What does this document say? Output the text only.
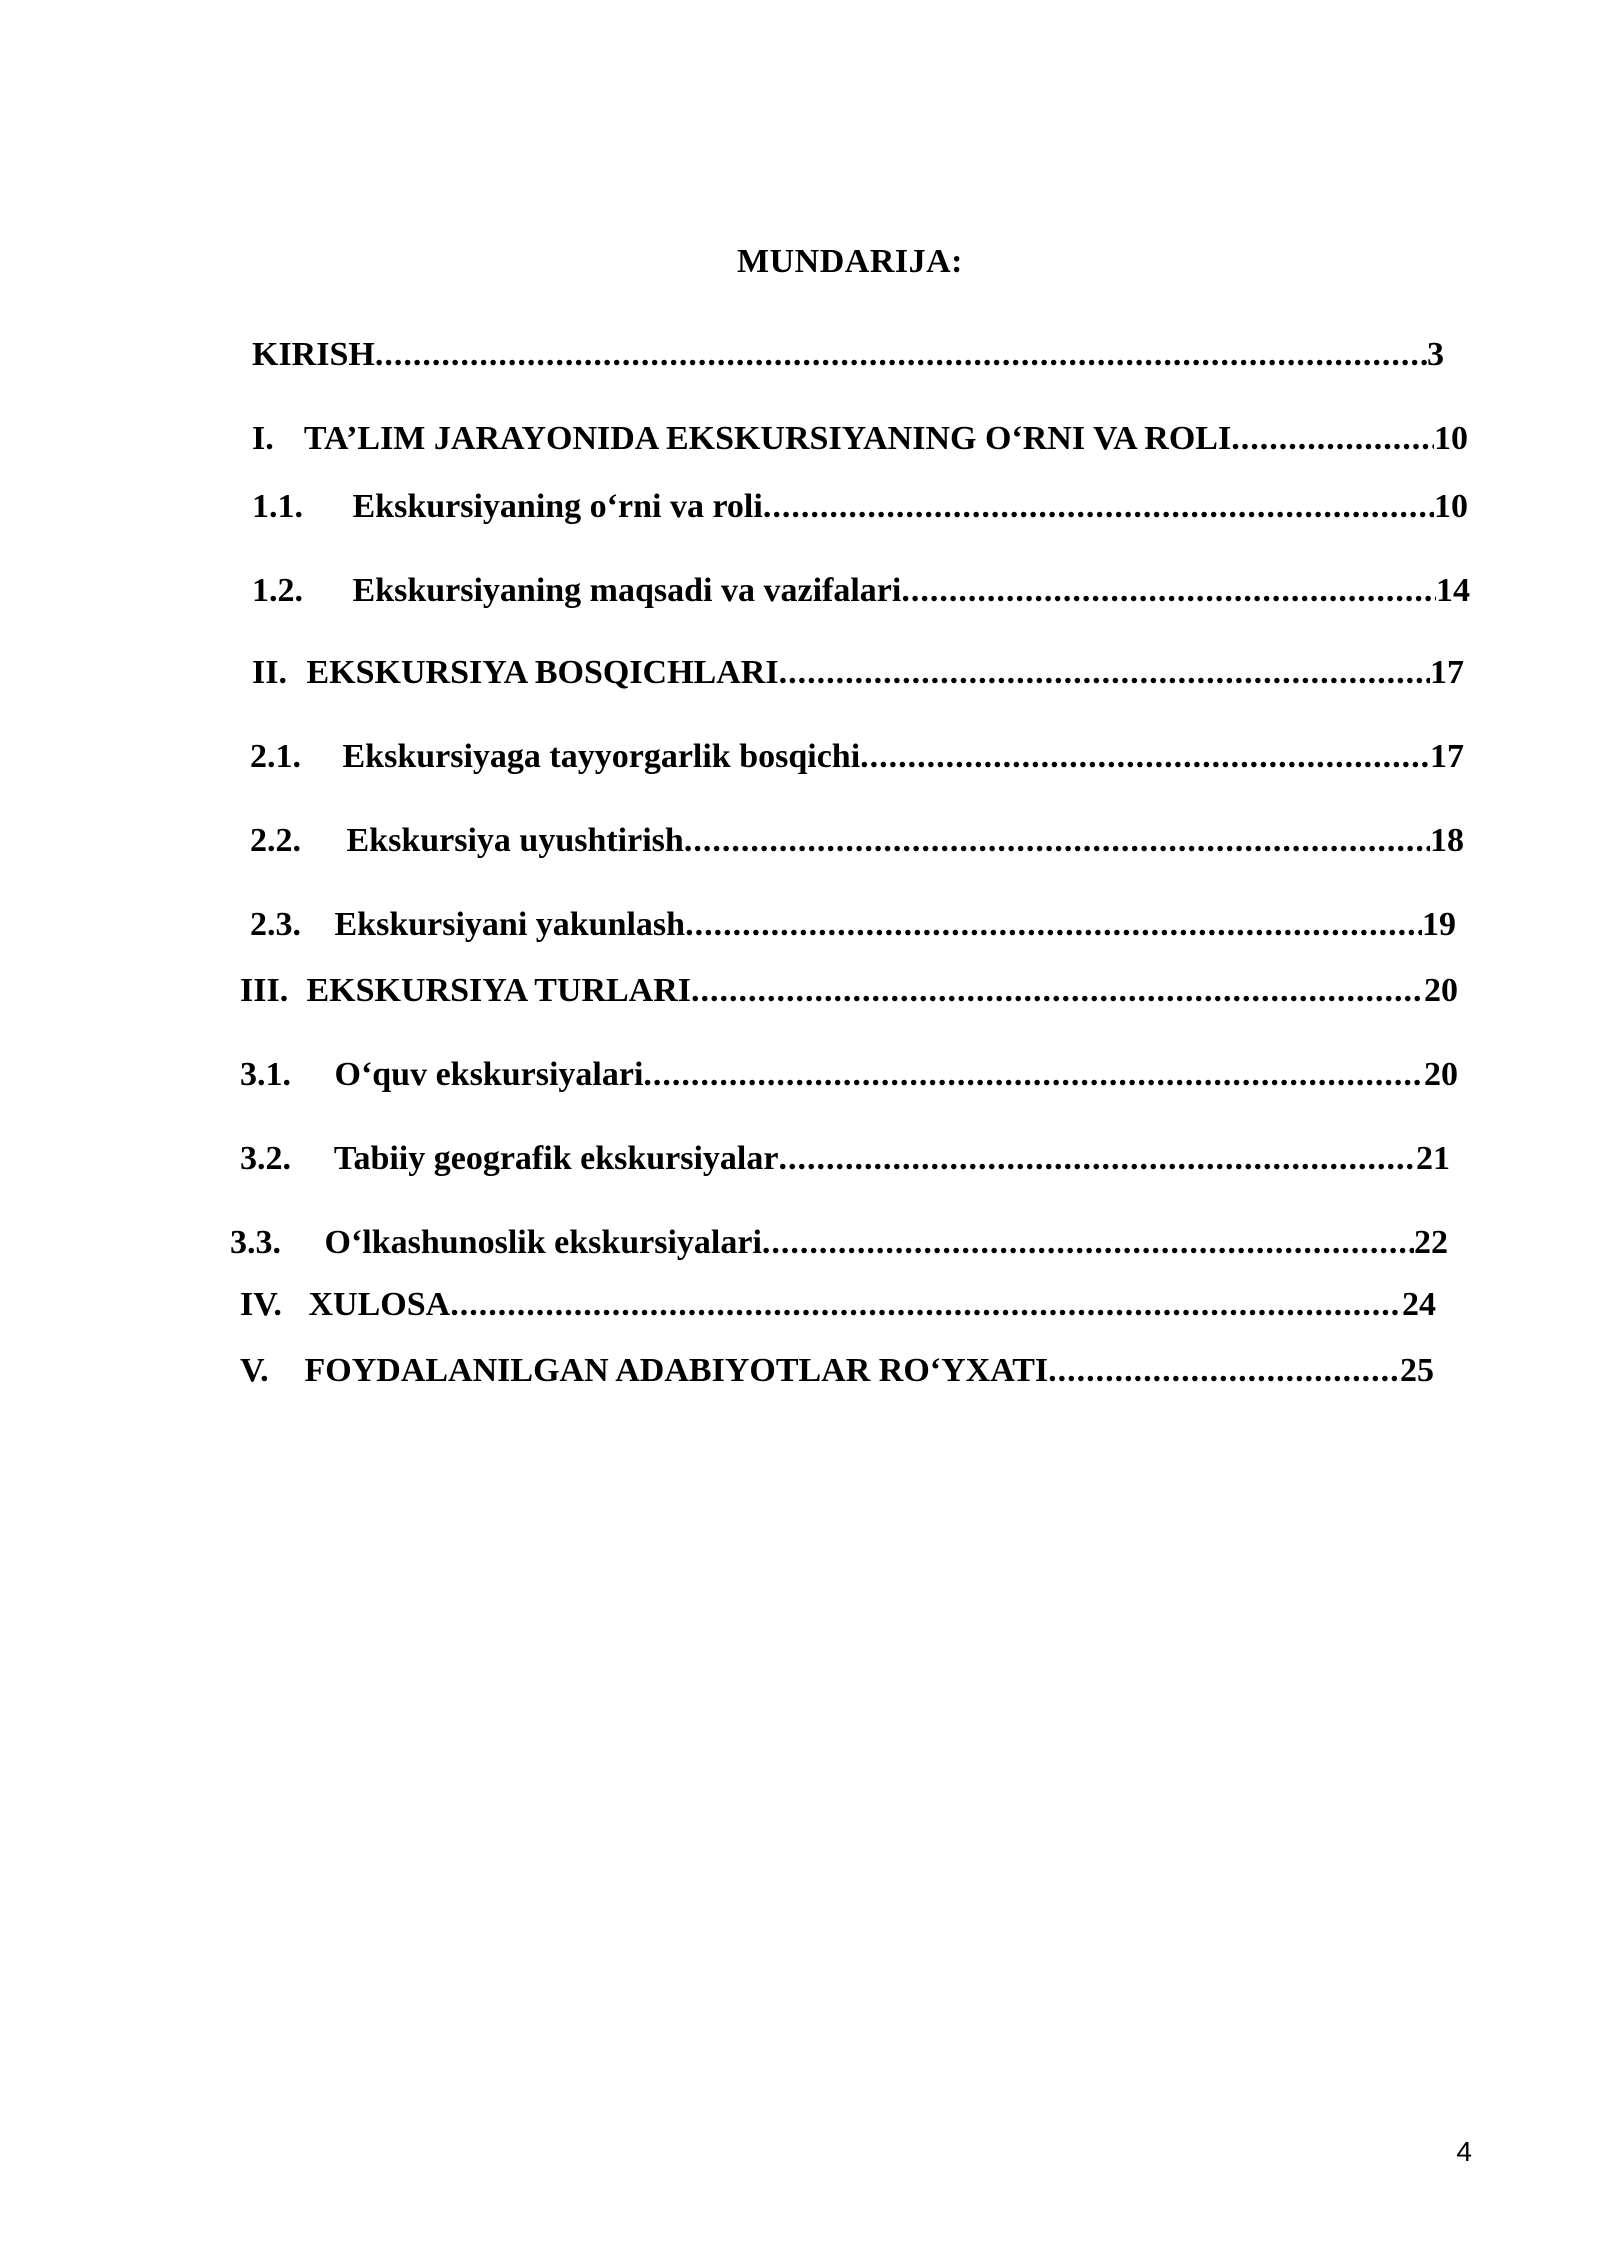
MUNDARIJA:
KIRISH .....	3
I. TA’LIM JARAYONIDA EKSKURSIYANING O‘RNI VA ROLI .....	10
1.1. Ekskursiyaning o‘rni va roli .....	10
1.2. Ekskursiyaning maqsadi va vazifalari .....	14
II. EKSKURSIYA BOSQICHLARI .....	17
2.1. Ekskursiyaga tayyorgarlik bosqichi .....	17
2.2. Ekskursiya uyushtirish .....	18
2.3. Ekskursiyani yakunlash .....	19
III. EKSKURSIYA TURLARI .....	20
3.1. O‘quv ekskursiyalari .....	20
3.2. Tabiiy geografik ekskursiyalar .....	21
3.3. O‘lkashunoslik ekskursiyalari .....	22
IV. XULOSA .....	24
V. FOYDALANILGAN ADABIYOTLAR RO‘YXATI .....	25
4
